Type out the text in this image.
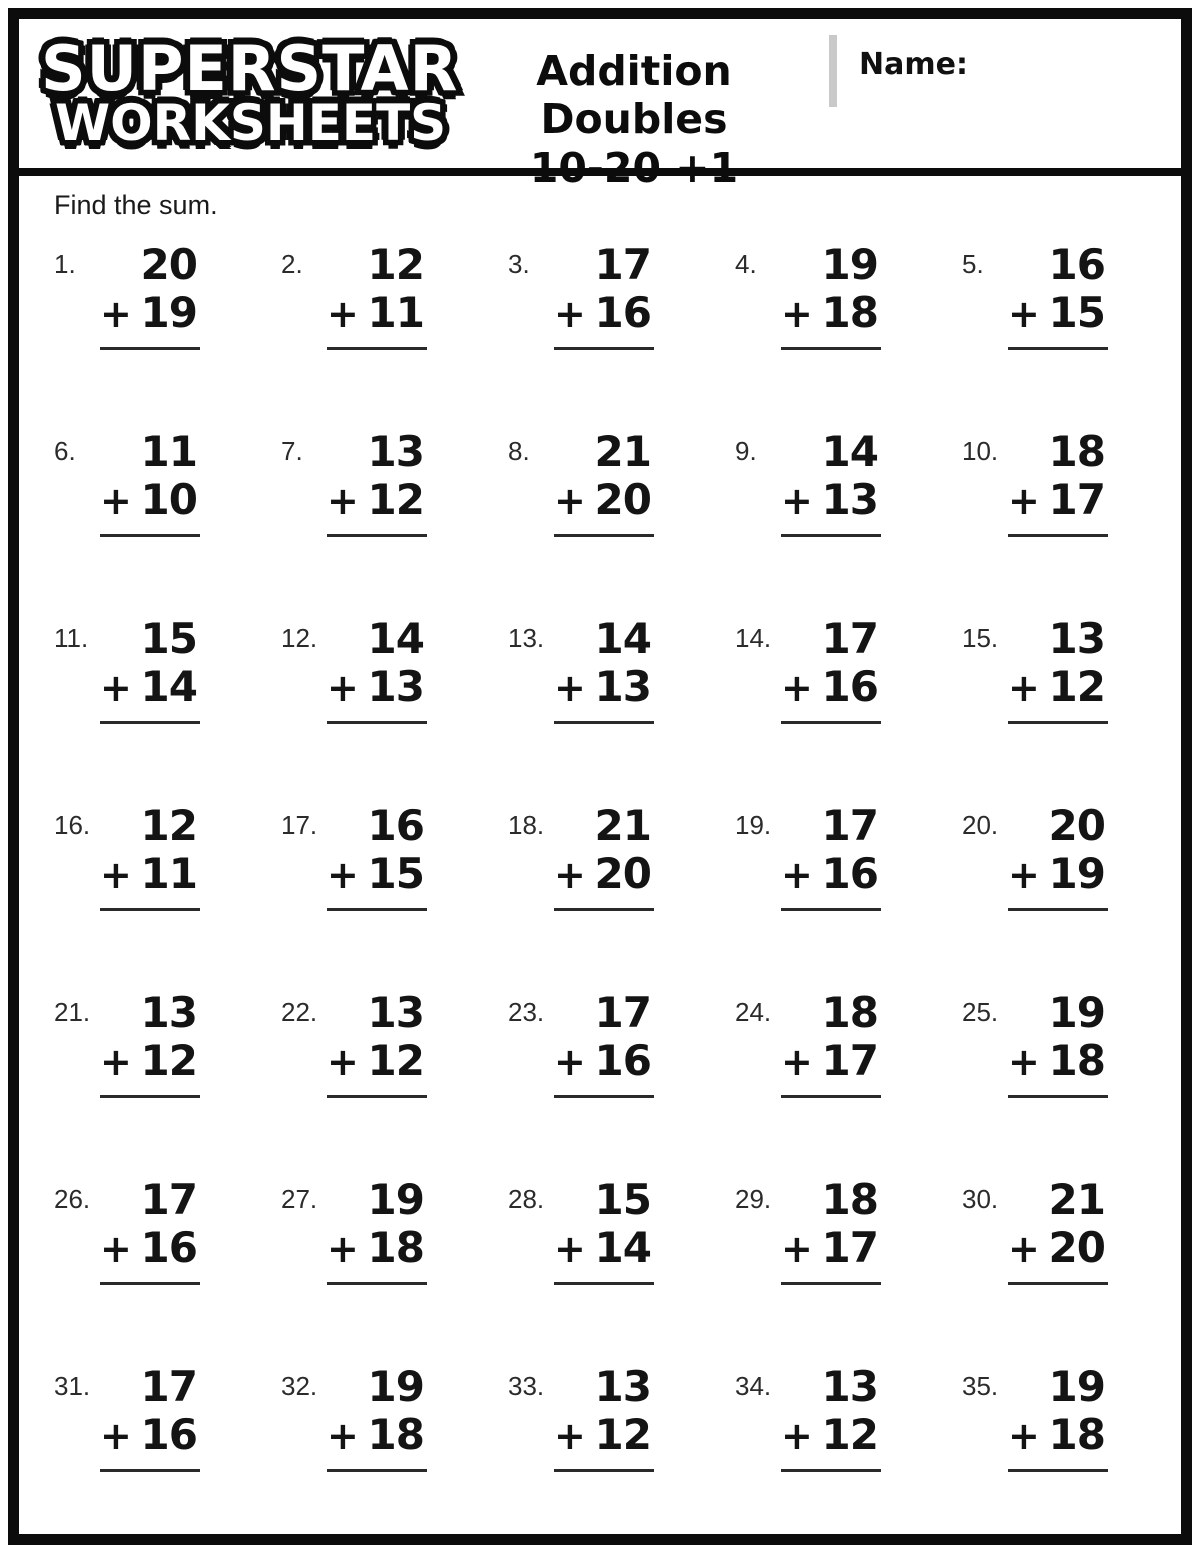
SUPERSTAR
WORKSHEETS
Addition Doubles
10-20 +1
Name:

Find the sum.

1.	20
+ 19
2.	12
+ 11
3.	17
+ 16
4.	19
+ 18
5.	16
+ 15
6.	11
+ 10
7.	13
+ 12
8.	21
+ 20
9.	14
+ 13
10.	18
+ 17
11.	15
+ 14
12.	14
+ 13
13.	14
+ 13
14.	17
+ 16
15.	13
+ 12
16.	12
+ 11
17.	16
+ 15
18.	21
+ 20
19.	17
+ 16
20.	20
+ 19
21.	13
+ 12
22.	13
+ 12
23.	17
+ 16
24.	18
+ 17
25.	19
+ 18
26.	17
+ 16
27.	19
+ 18
28.	15
+ 14
29.	18
+ 17
30.	21
+ 20
31.	17
+ 16
32.	19
+ 18
33.	13
+ 12
34.	13
+ 12
35.	19
+ 18
